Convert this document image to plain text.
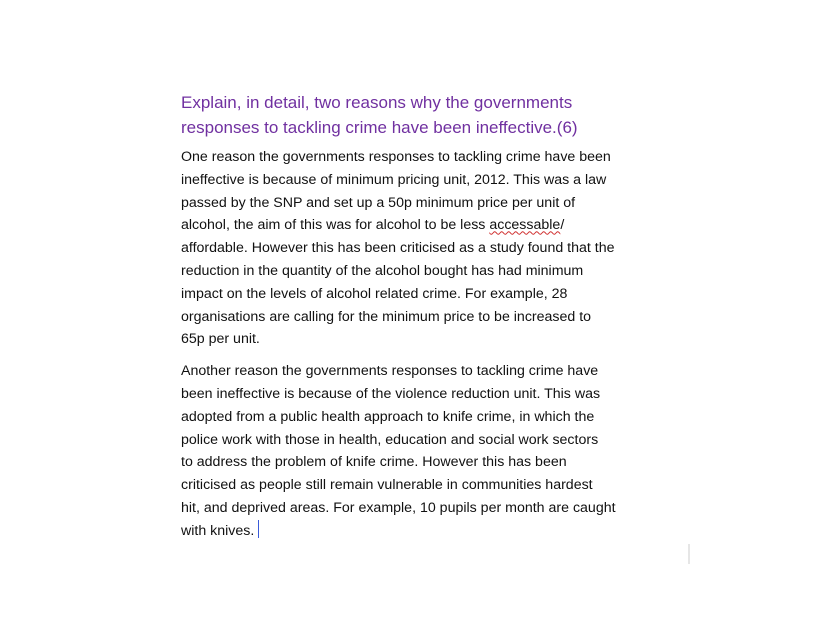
Explain, in detail, two reasons why the governments
responses to tackling crime have been ineffective.(6)

One reason the governments responses to tackling crime have been
ineffective is because of minimum pricing unit, 2012. This was a law
passed by the SNP and set up a 50p minimum price per unit of
alcohol, the aim of this was for alcohol to be less accessable/
affordable. However this has been criticised as a study found that the
reduction in the quantity of the alcohol bought has had minimum
impact on the levels of alcohol related crime. For example, 28
organisations are calling for the minimum price to be increased to
65p per unit.

Another reason the governments responses to tackling crime have
been ineffective is because of the violence reduction unit. This was
adopted from a public health approach to knife crime, in which the
police work with those in health, education and social work sectors
to address the problem of knife crime. However this has been
criticised as people still remain vulnerable in communities hardest
hit, and deprived areas. For example, 10 pupils per month are caught
with knives.
